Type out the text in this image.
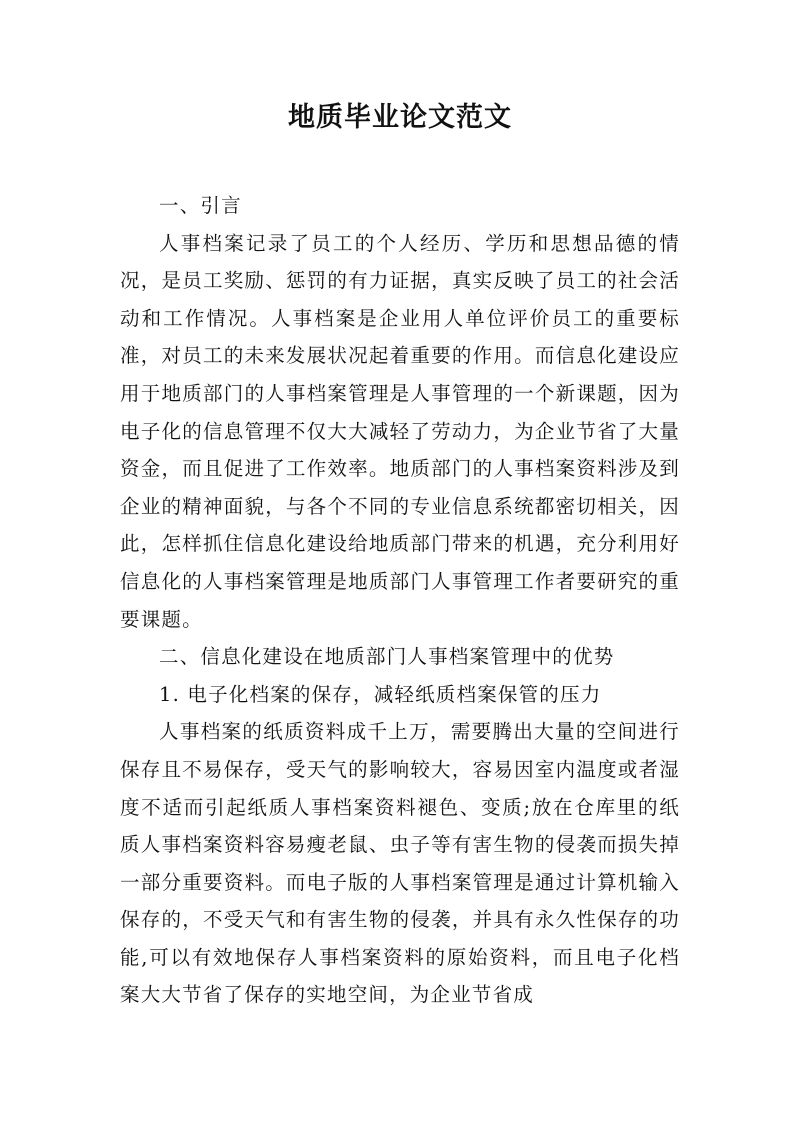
地质毕业论文范文

一、引言

人事档案记录了员工的个人经历、学历和思想品德的情况，是员工奖励、惩罚的有力证据，真实反映了员工的社会活动和工作情况。人事档案是企业用人单位评价员工的重要标准，对员工的未来发展状况起着重要的作用。而信息化建设应用于地质部门的人事档案管理是人事管理的一个新课题，因为电子化的信息管理不仅大大减轻了劳动力，为企业节省了大量资金，而且促进了工作效率。地质部门的人事档案资料涉及到企业的精神面貌，与各个不同的专业信息系统都密切相关，因此，怎样抓住信息化建设给地质部门带来的机遇，充分利用好信息化的人事档案管理是地质部门人事管理工作者要研究的重要课题。

二、信息化建设在地质部门人事档案管理中的优势

1. 电子化档案的保存，减轻纸质档案保管的压力

人事档案的纸质资料成千上万，需要腾出大量的空间进行保存且不易保存，受天气的影响较大，容易因室内温度或者湿度不适而引起纸质人事档案资料褪色、变质;放在仓库里的纸质人事档案资料容易瘦老鼠、虫子等有害生物的侵袭而损失掉一部分重要资料。而电子版的人事档案管理是通过计算机输入保存的，不受天气和有害生物的侵袭，并具有永久性保存的功能,可以有效地保存人事档案资料的原始资料，而且电子化档案大大节省了保存的实地空间，为企业节省成
